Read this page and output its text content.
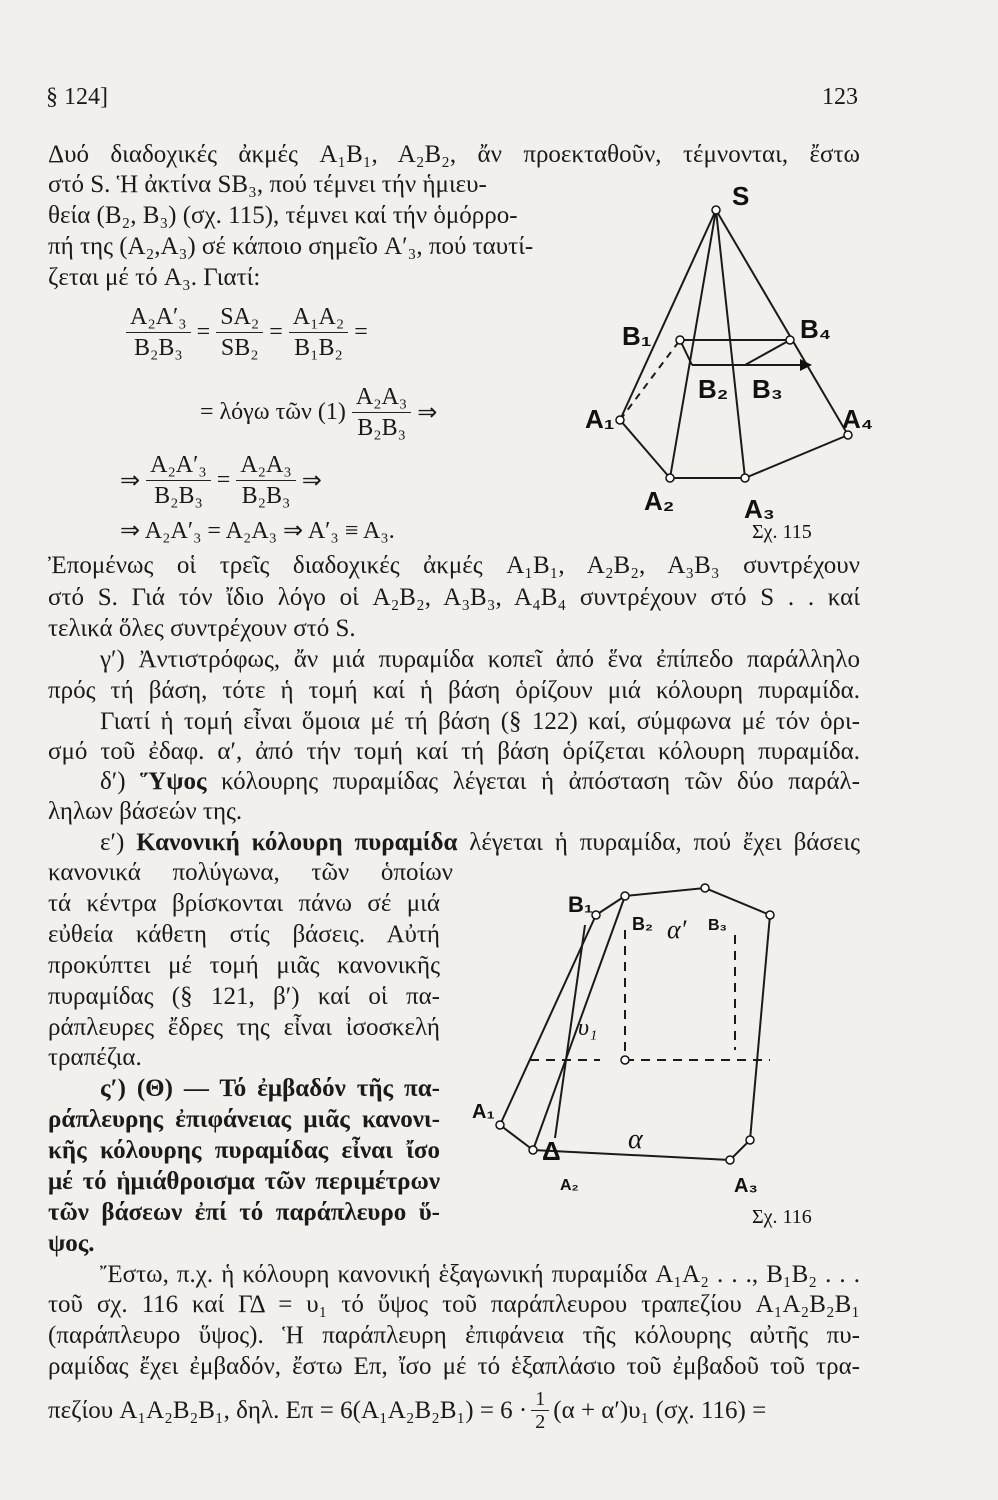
§ 124]	123
Δυό διαδοχικές ἀκμές A₁B₁, A₂B₂, ἄν προεκταθοῦν, τέμνονται, ἔστω
στό S. Ἡ ἀκτίνα SB₃, πού τέμνει τήν ἡμιευ-
θεία (B₂, B₃) (σχ. 115), τέμνει καί τήν ὁμόρρο-
πή της (A₂,A₃) σέ κάποιο σημεῖο A′₃, πού ταυτί-
ζεται μέ τό A₃. Γιατί:
$\frac{\text{A₂A′₃}}{\text{B₂B₃}} = \frac{\text{SA₂}}{\text{SB₂}} = \frac{\text{A₁A₂}}{\text{B₁B₂}}$ =
= λόγω τῶν $(1) \frac{\text{A₂A₃}}{\text{B₂B₃}}$ ⇒
⇒ $\frac{\text{A₂A′₃}}{\text{B₂B₃}} = \frac{\text{A₂A₃}}{\text{B₂B₃}}$ ⇒
⇒ A₂A′₃ = A₂A₃ ⇒ A′₃ ≡ A₃.
Ἐπομένως οἱ τρεῖς διαδοχικές ἀκμές A₁B₁, A₂B₂, A₃B₃ συντρέχουν
στό S. Γιά τόν ἴδιο λόγο οἱ A₂B₂, A₃B₃, A₄B₄ συντρέχουν στό S . . καί
τελικά ὅλες συντρέχουν στό S.
γ′) Ἀντιστρόφως, ἄν μιά πυραμίδα κοπεῖ ἀπό ἕνα ἐπίπεδο παράλληλο
πρός τή βάση, τότε ἡ τομή καί ἡ βάση ὁρίζουν μιά κόλουρη πυραμίδα.
Γιατί ἡ τομή εἶναι ὅμοια μέ τή βάση (§ 122) καί, σύμφωνα μέ τόν ὁρι-
σμό τοῦ ἐδαφ. α′, ἀπό τήν τομή καί τή βάση ὁρίζεται κόλουρη πυραμίδα.
δ′) Ὕψος κόλουρης πυραμίδας λέγεται ἡ ἀπόσταση τῶν δύο παράλ-
ληλων βάσεών της.
ε′) Κανονική κόλουρη πυραμίδα λέγεται ἡ πυραμίδα, πού ἔχει βάσεις
κανονικά πολύγωνα, τῶν ὁποίων
τά κέντρα βρίσκονται πάνω σέ μιά
εὐθεία κάθετη στίς βάσεις. Αὐτή
προκύπτει μέ τομή μιᾶς κανονικῆς
πυραμίδας (§ 121, β′) καί οἱ πα-
ράπλευρες ἔδρες της εἶναι ἰσοσκελή
τραπέζια.
ς′) (Θ) — Τό ἐμβαδόν τῆς πα-
ράπλευρης ἐπιφάνειας μιᾶς κανονι-
κῆς κόλουρης πυραμίδας εἶναι ἴσο
μέ τό ἡμιάθροισμα τῶν περιμέτρων
τῶν βάσεων ἐπί τό παράπλευρο ὕ-
ψος.
Ἔστω, π.χ. ἡ κόλουρη κανονική ἑξαγωνική πυραμίδα A₁A₂ . . ., B₁B₂ . . .
τοῦ σχ. 116 καί ΓΔ = υ₁ τό ὕψος τοῦ παράπλευρου τραπεζίου A₁A₂B₂B₁
(παράπλευρο ὕψος). Ἡ παράπλευρη ἐπιφάνεια τῆς κόλουρης αὐτῆς πυ-
ραμίδας ἔχει ἐμβαδόν, ἔστω Eπ, ἴσο μέ τό ἑξαπλάσιο τοῦ ἐμβαδοῦ τοῦ τρα-
πεζίου A₁A₂B₂B₁, δηλ. $E\pi = 6(A_1A_2B_2B_1) = 6 \cdot \frac{1}{2} (\alpha + \alpha')\upsilon_1$ (σχ. 116) =
S
B₁
B₂ B₃
B₄
A₁
A₂	A₃
A₄
Σχ. 115
B₁
B₂	B₃
α′
υ₁
A₁
A₂	A₃
Δ α
Σχ. 116
